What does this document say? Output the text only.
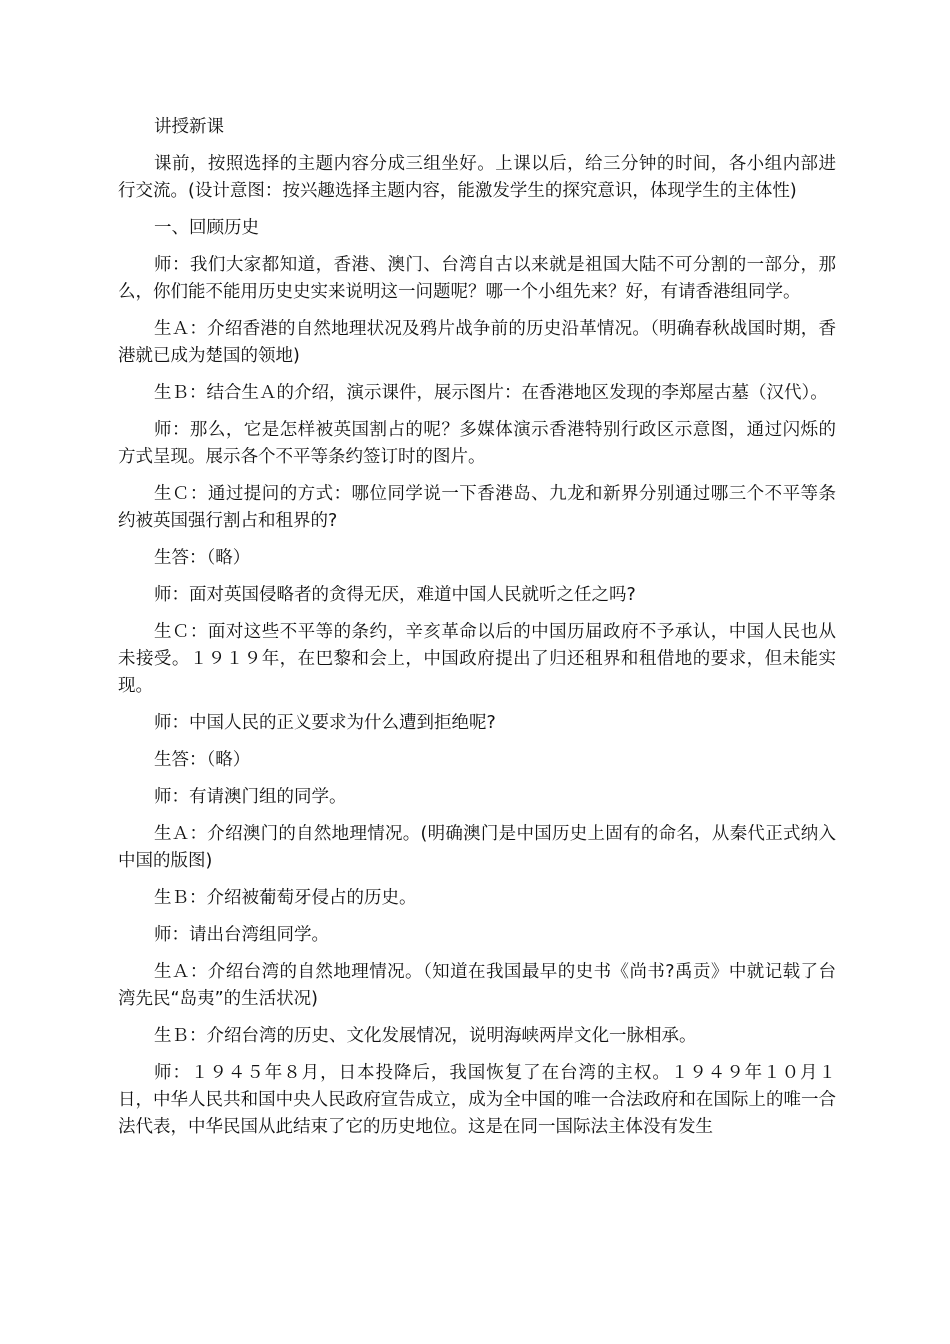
讲授新课

课前，按照选择的主题内容分成三组坐好。上课以后，给三分钟的时间，各小组内部进行交流。(设计意图：按兴趣选择主题内容，能激发学生的探究意识，体现学生的主体性)

一、回顾历史

师：我们大家都知道，香港、澳门、台湾自古以来就是祖国大陆不可分割的一部分，那么，你们能不能用历史史实来说明这一问题呢？哪一个小组先来？好，有请香港组同学。

生Ａ：介绍香港的自然地理状况及鸦片战争前的历史沿革情况。（明确春秋战国时期，香港就已成为楚国的领地)

生Ｂ：结合生Ａ的介绍，演示课件，展示图片：在香港地区发现的李郑屋古墓（汉代）。

师：那么，它是怎样被英国割占的呢？多媒体演示香港特别行政区示意图，通过闪烁的方式呈现。展示各个不平等条约签订时的图片。

生Ｃ：通过提问的方式：哪位同学说一下香港岛、九龙和新界分别通过哪三个不平等条约被英国强行割占和租界的?

生答：（略）

师：面对英国侵略者的贪得无厌，难道中国人民就听之任之吗?

生Ｃ：面对这些不平等的条约，辛亥革命以后的中国历届政府不予承认，中国人民也从未接受。１９１９年，在巴黎和会上，中国政府提出了归还租界和租借地的要求，但未能实现。

师：中国人民的正义要求为什么遭到拒绝呢?

生答：（略）

师：有请澳门组的同学。

生Ａ：介绍澳门的自然地理情况。(明确澳门是中国历史上固有的命名，从秦代正式纳入中国的版图)

生Ｂ：介绍被葡萄牙侵占的历史。

师：请出台湾组同学。

生Ａ：介绍台湾的自然地理情况。（知道在我国最早的史书《尚书?禹贡》中就记载了台湾先民“岛夷”的生活状况)

生Ｂ：介绍台湾的历史、文化发展情况，说明海峡两岸文化一脉相承。

师：１９４５年８月，日本投降后，我国恢复了在台湾的主权。１９４９年１０月１日，中华人民共和国中央人民政府宣告成立，成为全中国的唯一合法政府和在国际上的唯一合法代表，中华民国从此结束了它的历史地位。这是在同一国际法主体没有发生
